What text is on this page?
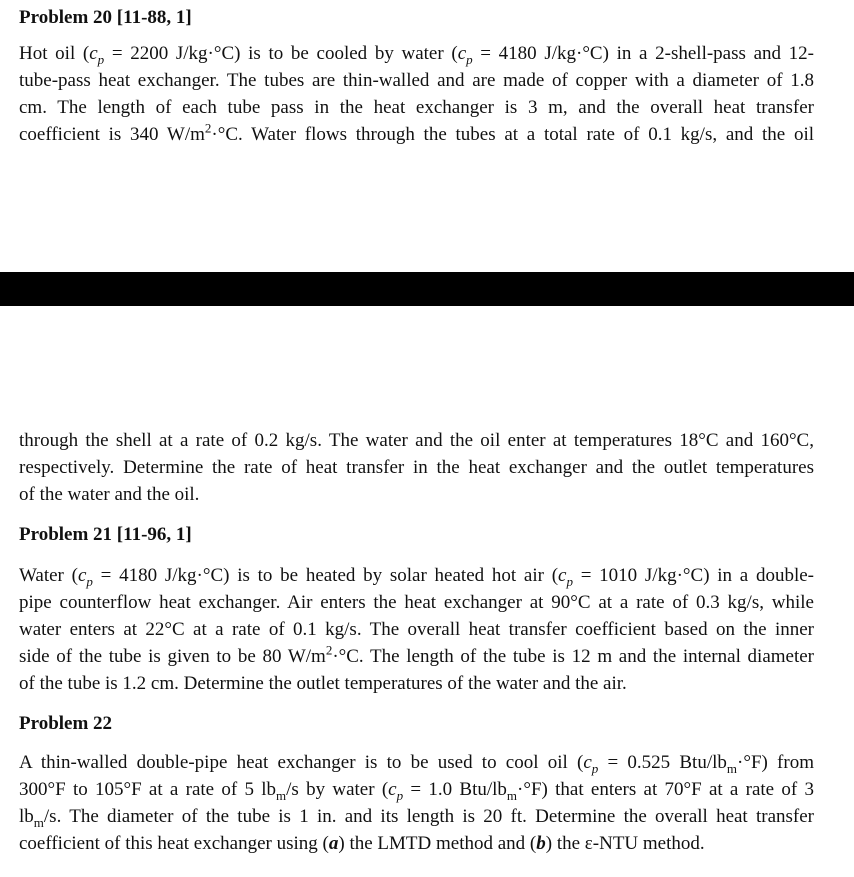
Problem 20 [11-88, 1]
Hot oil ($c_p = 2200$ J/kg·°C) is to be cooled by water ($c_p = 4180$ J/kg·°C) in a 2-shell-pass and 12-
tube-pass heat exchanger. The tubes are thin-walled and are made of copper with a diameter of 1.8
cm. The length of each tube pass in the heat exchanger is 3 m, and the overall heat transfer
coefficient is 340 $W/m^2\cdot^\circ C$. Water flows through the tubes at a total rate of 0.1 kg/s, and the oil
through the shell at a rate of 0.2 kg/s. The water and the oil enter at temperatures 18°C and 160°C,
respectively. Determine the rate of heat transfer in the heat exchanger and the outlet temperatures
of the water and the oil.
Problem 21 [11-96, 1]
Water ($c_p = 4180$ J/kg·°C) is to be heated by solar heated hot air ($c_p = 1010$ J/kg·°C) in a double-
pipe counterflow heat exchanger. Air enters the heat exchanger at 90°C at a rate of 0.3 kg/s, while
water enters at 22°C at a rate of 0.1 kg/s. The overall heat transfer coefficient based on the inner
side of the tube is given to be 80 $W/m^2\cdot^\circ C$. The length of the tube is 12 m and the internal diameter
of the tube is 1.2 cm. Determine the outlet temperatures of the water and the air.
Problem 22
A thin-walled double-pipe heat exchanger is to be used to cool oil ($c_p = 0.525$ Btu/$lb_m\cdot^\circ F$) from
300°F to 105°F at a rate of 5 $lb_m/s$ by water ($c_p = 1.0$ Btu/$lb_m\cdot^\circ F$) that enters at 70°F at a rate of 3
$lb_m/s$. The diameter of the tube is 1 in. and its length is 20 ft. Determine the overall heat transfer
coefficient of this heat exchanger using (a) the LMTD method and (b) the ε-NTU method.
